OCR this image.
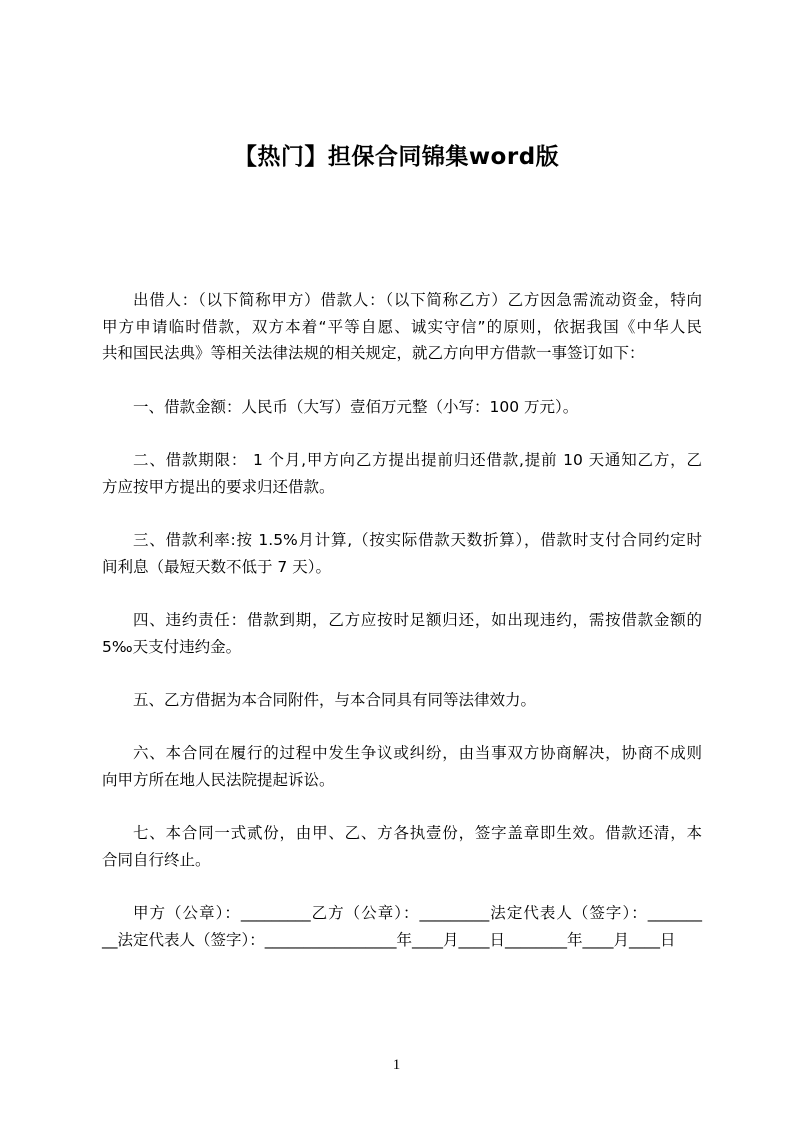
【热门】担保合同锦集word版
出借人：（以下简称甲方）借款人：（以下简称乙方）乙方因急需流动资金，特向
甲方申请临时借款，双方本着“平等自愿、诚实守信”的原则，依据我国《中华人民
共和国民法典》等相关法律法规的相关规定，就乙方向甲方借款一事签订如下：
一、借款金额：人民币（大写）壹佰万元整（小写：100 万元）。
二、借款期限： 1 个月,甲方向乙方提出提前归还借款,提前 10 天通知乙方，乙
方应按甲方提出的要求归还借款。
三、借款利率:按 1.5%月计算,（按实际借款天数折算），借款时支付合同约定时
间利息（最短天数不低于 7 天）。
四、违约责任：借款到期，乙方应按时足额归还，如出现违约，需按借款金额的
5‰天支付违约金。
五、乙方借据为本合同附件，与本合同具有同等法律效力。
六、本合同在履行的过程中发生争议或纠纷，由当事双方协商解决，协商不成则
向甲方所在地人民法院提起诉讼。
七、本合同一式贰份，由甲、乙、方各执壹份，签字盖章即生效。借款还清，本
合同自行终止。
甲方（公章）：_________乙方（公章）：_________法定代表人（签字）：_______
__法定代表人（签字）：_________________年____月____日________年____月____日
1
